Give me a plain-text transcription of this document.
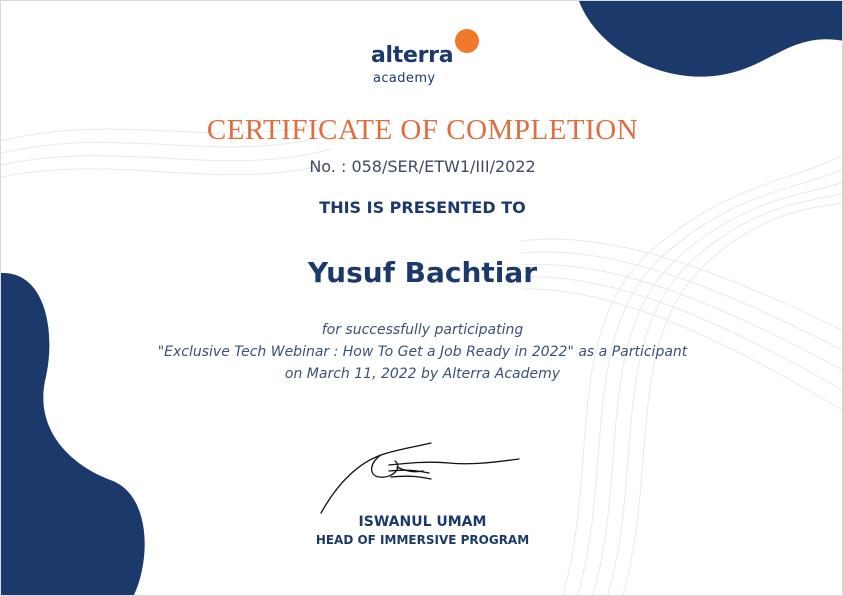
alterra
academy
CERTIFICATE OF COMPLETION
No. : 058/SER/ETW1/III/2022
THIS IS PRESENTED TO
Yusuf Bachtiar
for successfully participating
"Exclusive Tech Webinar : How To Get a Job Ready in 2022" as a Participant
on March 11, 2022 by Alterra Academy
ISWANUL UMAM
HEAD OF IMMERSIVE PROGRAM
